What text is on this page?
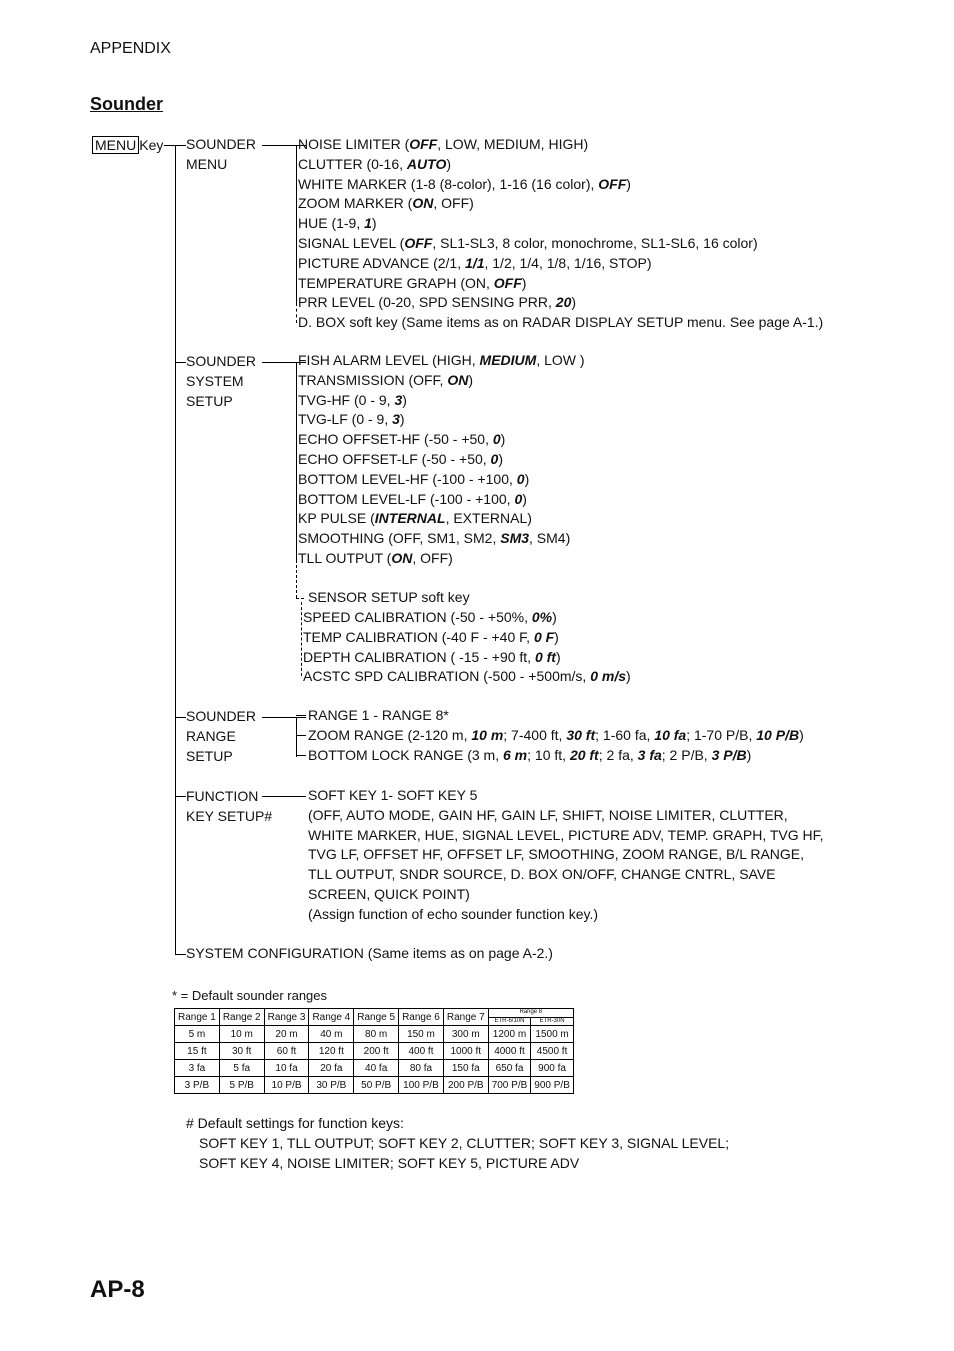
APPENDIX
Sounder
MENU Key SOUNDER
MENU
NOISE LIMITER (OFF, LOW, MEDIUM, HIGH)
CLUTTER (0-16, AUTO)
WHITE MARKER (1-8 (8-color), 1-16 (16 color), OFF)
ZOOM MARKER (ON, OFF)
HUE (1-9, 1)
SIGNAL LEVEL (OFF, SL1-SL3, 8 color, monochrome, SL1-SL6, 16 color)
PICTURE ADVANCE (2/1, 1/1, 1/2, 1/4, 1/8, 1/16, STOP)
TEMPERATURE GRAPH (ON, OFF)
PRR LEVEL (0-20, SPD SENSING PRR, 20)
D. BOX soft key (Same items as on RADAR DISPLAY SETUP menu. See page A-1.)
SOUNDER
SYSTEM
SETUP
FISH ALARM LEVEL (HIGH, MEDIUM, LOW )
TRANSMISSION (OFF, ON)
TVG-HF (0 - 9, 3)
TVG-LF (0 - 9, 3)
ECHO OFFSET-HF (-50 - +50, 0)
ECHO OFFSET-LF (-50 - +50, 0)
BOTTOM LEVEL-HF (-100 - +100, 0)
BOTTOM LEVEL-LF (-100 - +100, 0)
KP PULSE (INTERNAL, EXTERNAL)
SMOOTHING (OFF, SM1, SM2, SM3, SM4)
TLL OUTPUT (ON, OFF)
SENSOR SETUP soft key
SPEED CALIBRATION (-50 - +50%, 0%)
TEMP CALIBRATION (-40 F - +40 F, 0 F)
DEPTH CALIBRATION ( -15 - +90 ft, 0 ft)
ACSTC SPD CALIBRATION (-500 - +500m/s, 0 m/s)
SOUNDER
RANGE
SETUP
RANGE 1 - RANGE 8*
ZOOM RANGE (2-120 m, 10 m; 7-400 ft, 30 ft; 1-60 fa, 10 fa; 1-70 P/B, 10 P/B)
BOTTOM LOCK RANGE (3 m, 6 m; 10 ft, 20 ft; 2 fa, 3 fa; 2 P/B, 3 P/B)
FUNCTION
KEY SETUP#
SOFT KEY 1- SOFT KEY 5
(OFF, AUTO MODE, GAIN HF, GAIN LF, SHIFT, NOISE LIMITER, CLUTTER,
WHITE MARKER, HUE, SIGNAL LEVEL, PICTURE ADV, TEMP. GRAPH, TVG HF,
TVG LF, OFFSET HF, OFFSET LF, SMOOTHING, ZOOM RANGE, B/L RANGE,
TLL OUTPUT, SNDR SOURCE, D. BOX ON/OFF, CHANGE CNTRL, SAVE
SCREEN, QUICK POINT)
(Assign function of echo sounder function key.)
SYSTEM CONFIGURATION (Same items as on page A-2.)
* = Default sounder ranges
Range 1	Range 2	Range 3	Range 4	Range 5	Range 6	Range 7	Range 8	
							ETR-6/10N	ETR-30N
5 m	10 m	20 m	40 m	80 m	150 m	300 m	1200 m	1500 m
15 ft	30 ft	60 ft	120 ft	200 ft	400 ft	1000 ft	4000 ft	4500 ft
3 fa	5 fa	10 fa	20 fa	40 fa	80 fa	150 fa	650 fa	900 fa
3 P/B	5 P/B	10 P/B	30 P/B	50 P/B	100 P/B	200 P/B	700 P/B	900 P/B
# Default settings for function keys:
SOFT KEY 1, TLL OUTPUT; SOFT KEY 2, CLUTTER; SOFT KEY 3, SIGNAL LEVEL;
SOFT KEY 4, NOISE LIMITER; SOFT KEY 5, PICTURE ADV
AP-8
